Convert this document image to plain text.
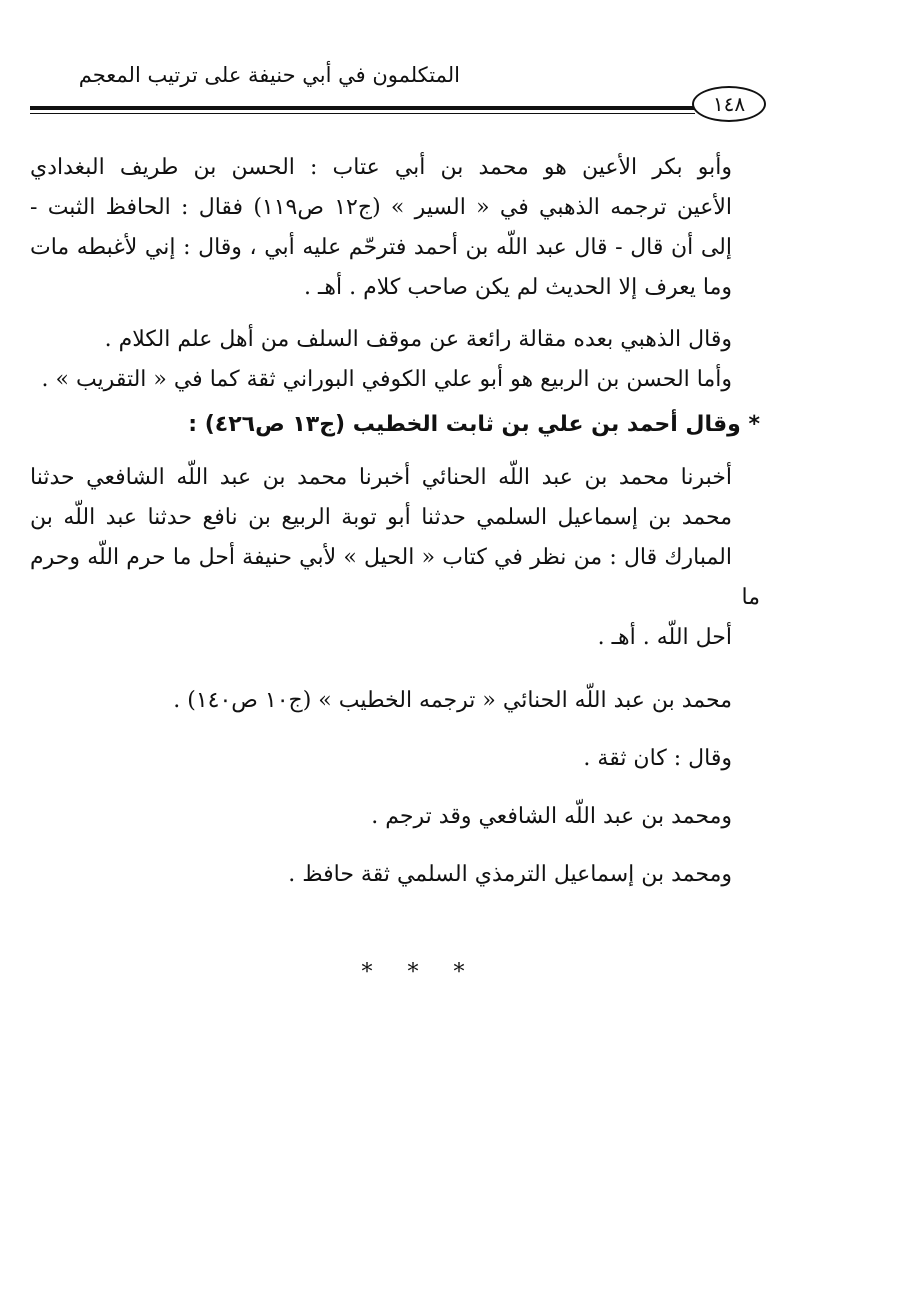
المتكلمون في أبي حنيفة على ترتيب المعجم
١٤٨

وأبو بكر الأعين هو محمد بن أبي عتاب : الحسن بن طريف البغدادي
الأعين ترجمه الذهبي في « السير » (ج١٢ ص١١٩) فقال : الحافظ الثبت -
إلى أن قال - قال عبد اللّه بن أحمد فترحّم عليه أبي ، وقال : إني لأغبطه مات
وما يعرف إلا الحديث لم يكن صاحب كلام . أهـ .

وقال الذهبي بعده مقالة رائعة عن موقف السلف من أهل علم الكلام .

وأما الحسن بن الربيع هو أبو علي الكوفي البوراني ثقة كما في « التقريب » .

* وقال أحمد بن علي بن ثابت الخطيب (ج١٣ ص٤٢٦) :

أخبرنا محمد بن عبد اللّه الحنائي أخبرنا محمد بن عبد اللّه الشافعي حدثنا
محمد بن إسماعيل السلمي حدثنا أبو توبة الربيع بن نافع حدثنا عبد اللّه بن
المبارك قال : من نظر في كتاب « الحيل » لأبي حنيفة أحل ما حرم اللّه وحرم ما
أحل اللّه . أهـ .

محمد بن عبد اللّه الحنائي « ترجمه الخطيب » (ج١٠ ص١٤٠) .

وقال : كان ثقة .

ومحمد بن عبد اللّه الشافعي وقد ترجم .

ومحمد بن إسماعيل الترمذي السلمي ثقة حافظ .

* * *
